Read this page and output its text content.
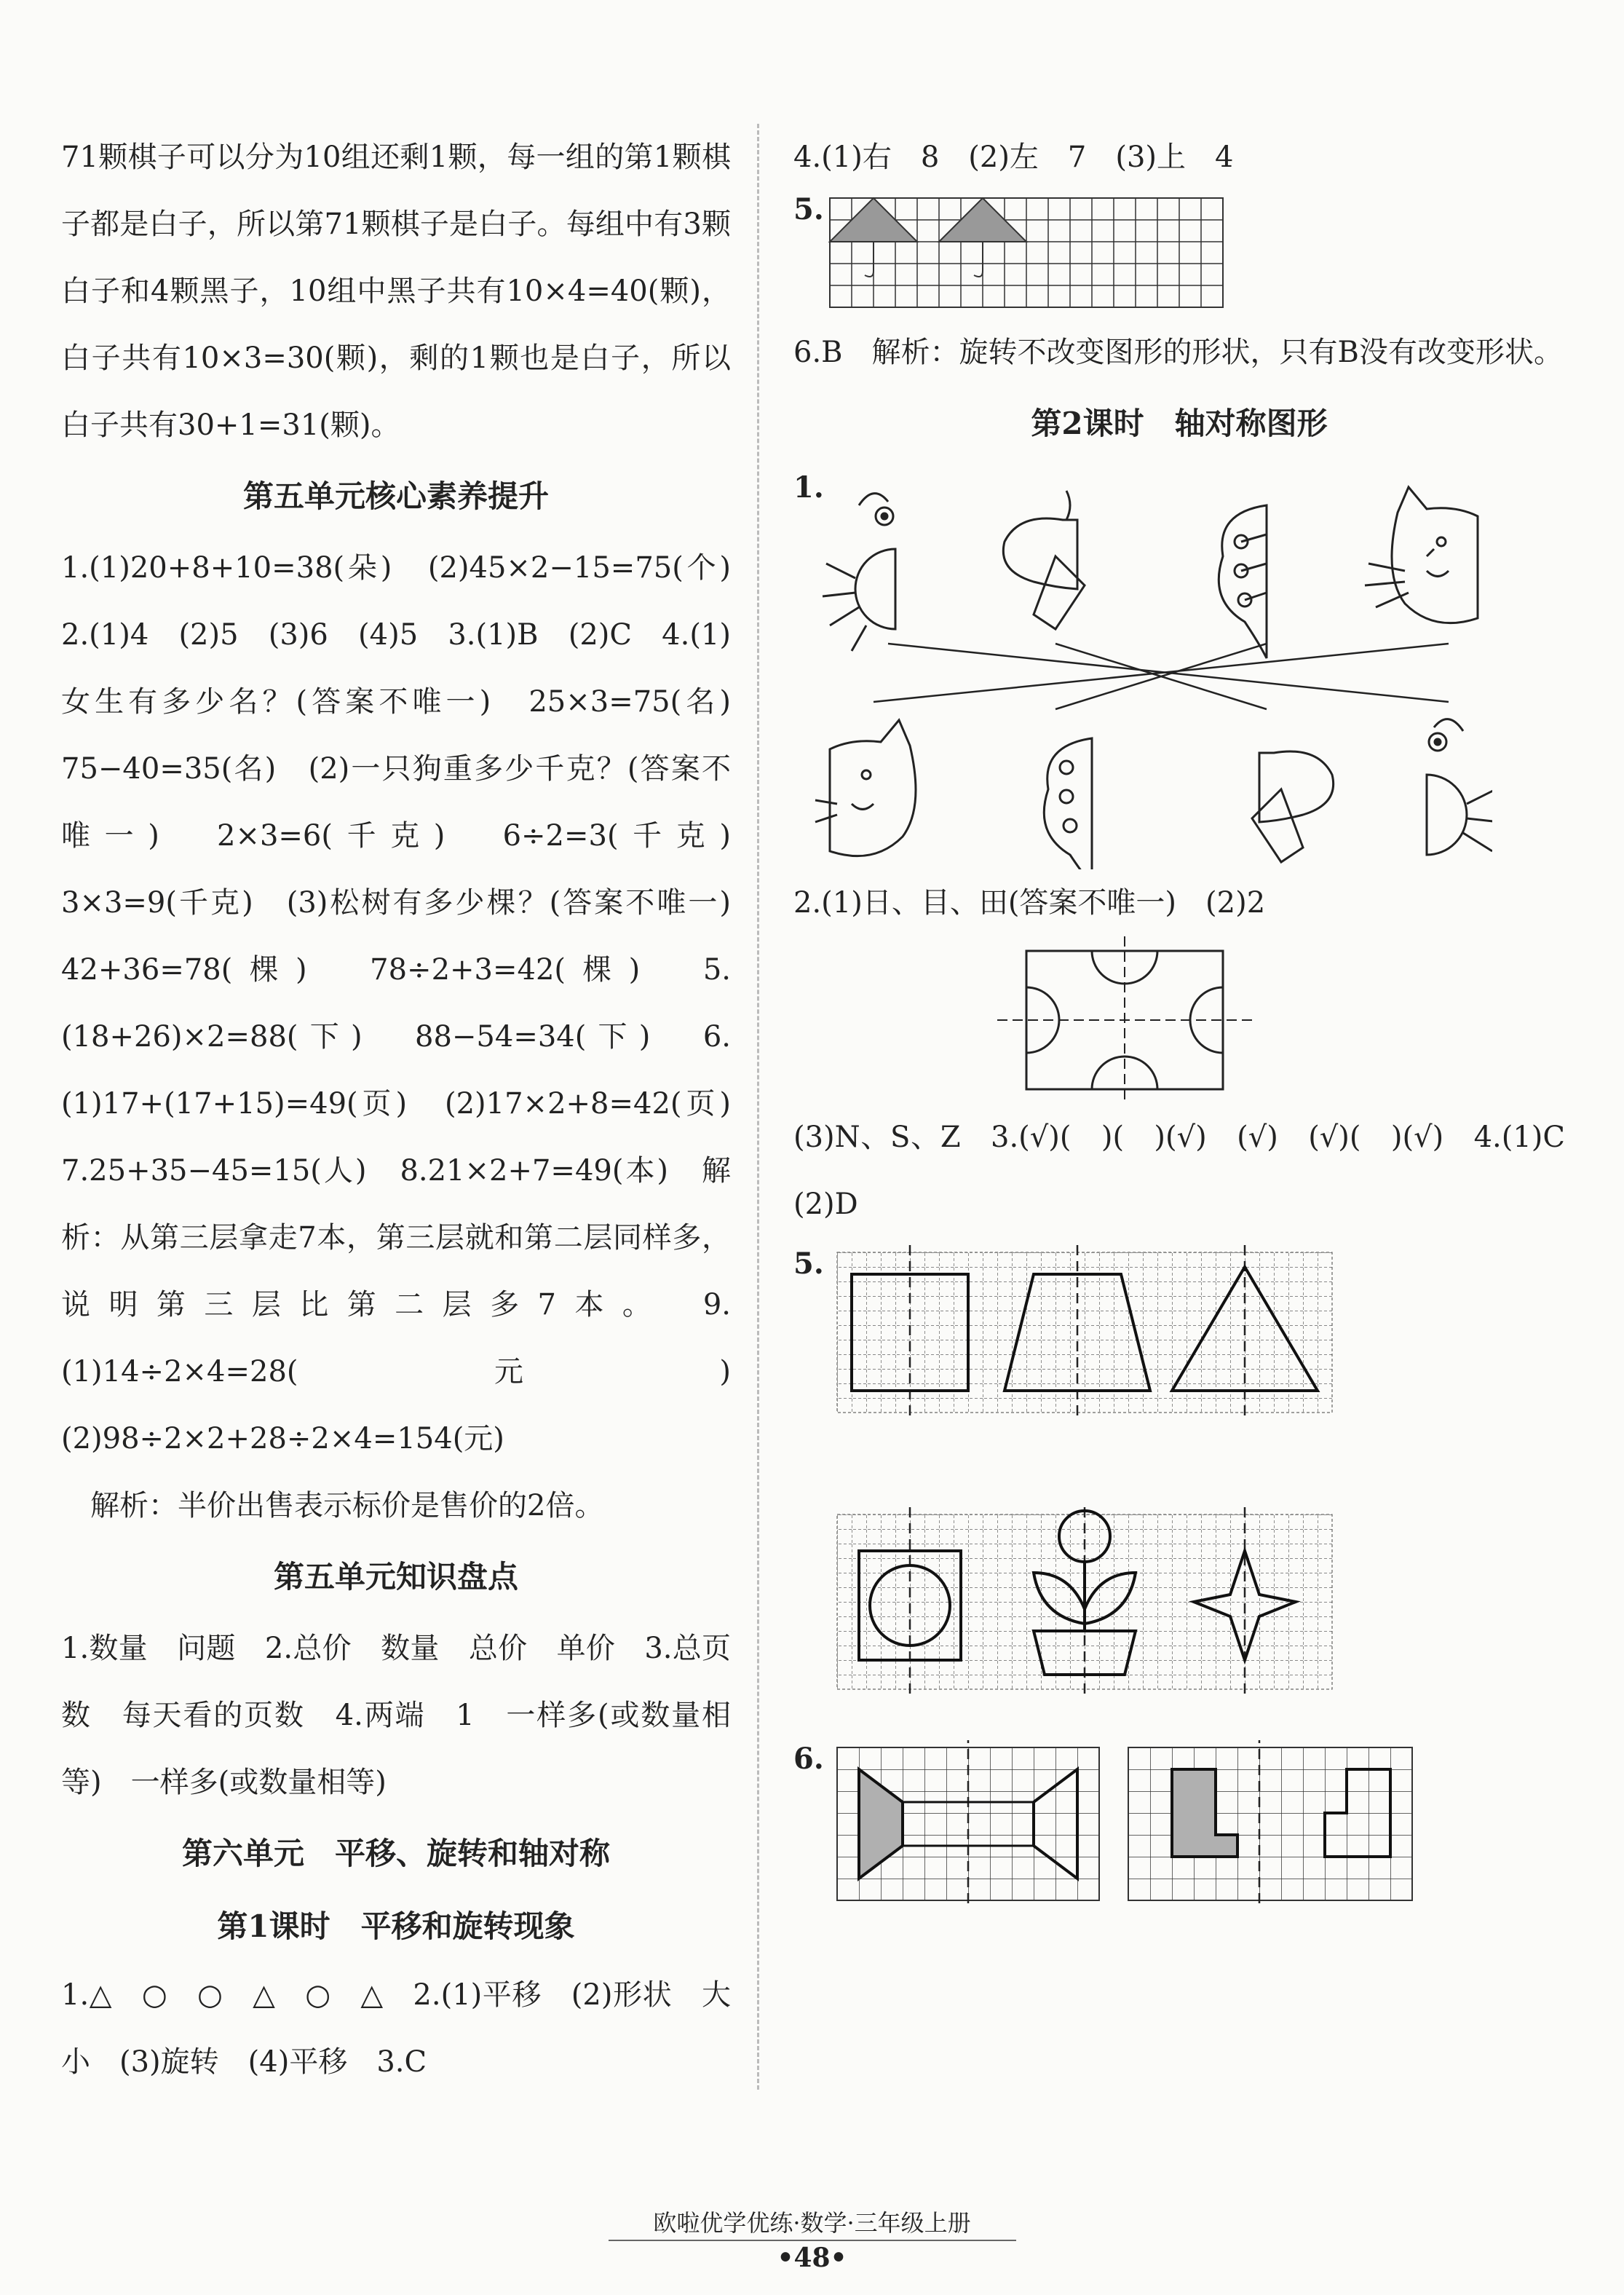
71颗棋子可以分为10组还剩1颗，每一组的第1颗棋子都是白子，所以第71颗棋子是白子。每组中有3颗白子和4颗黑子，10组中黑子共有10×4=40(颗)，白子共有10×3=30(颗)，剩的1颗也是白子，所以白子共有30+1=31(颗)。

第五单元核心素养提升

1.(1)20+8+10=38(朵)　(2)45×2−15=75(个)　2.(1)4　(2)5　(3)6　(4)5　3.(1)B　(2)C　4.(1)女生有多少名？(答案不唯一)　25×3=75(名)　75−40=35(名)　(2)一只狗重多少千克？(答案不唯一)　2×3=6(千克)　6÷2=3(千克)　3×3=9(千克)　(3)松树有多少棵？(答案不唯一)　42+36=78(棵)　78÷2+3=42(棵)　5.(18+26)×2=88(下)　88−54=34(下)　6.(1)17+(17+15)=49(页)　(2)17×2+8=42(页)　7.25+35−45=15(人)　8.21×2+7=49(本)　解析：从第三层拿走7本，第三层就和第二层同样多，说明第三层比第二层多7本。　9.(1)14÷2×4=28(元)　(2)98÷2×2+28÷2×4=154(元)

解析：半价出售表示标价是售价的2倍。

第五单元知识盘点

1.数量　问题　2.总价　数量　总价　单价　3.总页数　每天看的页数　4.两端　1　一样多(或数量相等)　一样多(或数量相等)

第六单元　平移、旋转和轴对称
第1课时　平移和旋转现象

1.△　○　○　△　○　△　2.(1)平移　(2)形状　大小　(3)旋转　(4)平移　3.C

4.(1)右　8　(2)左　7　(3)上　4

5.

6.B　解析：旋转不改变图形的形状，只有B没有改变形状。

第2课时　轴对称图形
1.

2.(1)日、目、田(答案不唯一)　(2)2

(3)N、S、Z　3.(√)(　)(　)(√)　(√)　(√)(　)(√)　4.(1)C　(2)D

5.
6.
欧啦优学优练·数学·三年级上册
•48•
